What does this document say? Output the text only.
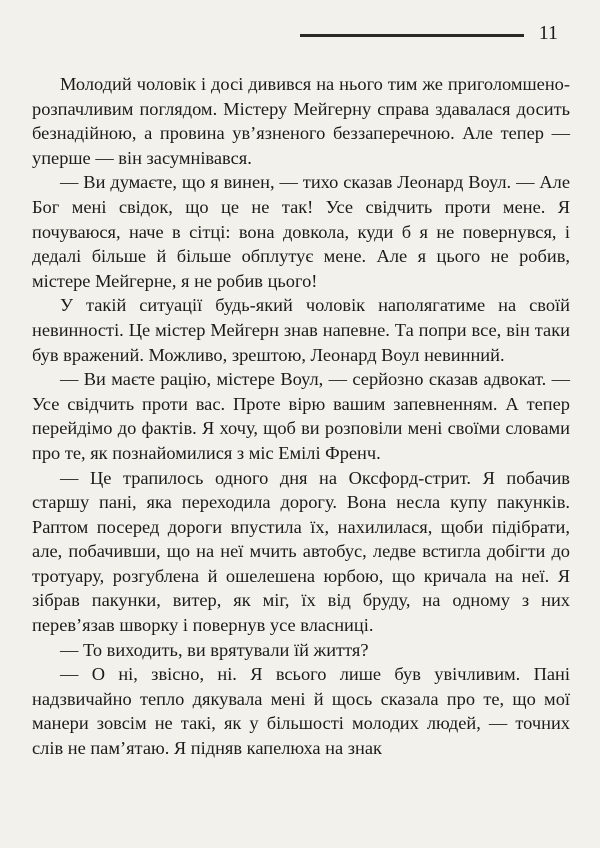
11

Молодий чоловік і досі дивився на нього тим же приголомшено-розпачливим поглядом. Містеру Мейгерну справа здавалася досить безнадійною, а провина ув’язненого беззаперечною. Але тепер — уперше — він засумнівався.

— Ви думаєте, що я винен, — тихо сказав Леонард Воул. — Але Бог мені свідок, що це не так! Усе свідчить проти мене. Я почуваюся, наче в сітці: вона довкола, куди б я не повернувся, і дедалі більше й більше обплутує мене. Але я цього не робив, містере Мейгерне, я не робив цього!

У такій ситуації будь-який чоловік наполягатиме на своїй невинності. Це містер Мейгерн знав напевне. Та попри все, він таки був вражений. Можливо, зрештою, Леонард Воул невинний.

— Ви маєте рацію, містере Воул, — серйозно сказав адвокат. — Усе свідчить проти вас. Проте вірю вашим запевненням. А тепер перейдімо до фактів. Я хочу, щоб ви розповіли мені своїми словами про те, як познайомилися з міс Емілі Френч.

— Це трапилось одного дня на Оксфорд-стрит. Я побачив старшу пані, яка переходила дорогу. Вона несла купу пакунків. Раптом посеред дороги впустила їх, нахилилася, щоби підібрати, але, побачивши, що на неї мчить автобус, ледве встигла добігти до тротуару, розгублена й ошелешена юрбою, що кричала на неї. Я зібрав пакунки, витер, як міг, їх від бруду, на одному з них перев’язав шворку і повернув усе власниці.

— То виходить, ви врятували їй життя?

— О ні, звісно, ні. Я всього лише був увічливим. Пані надзвичайно тепло дякувала мені й щось сказала про те, що мої манери зовсім не такі, як у більшості молодих людей, — точних слів не пам’ятаю. Я підняв капелюха на знак
